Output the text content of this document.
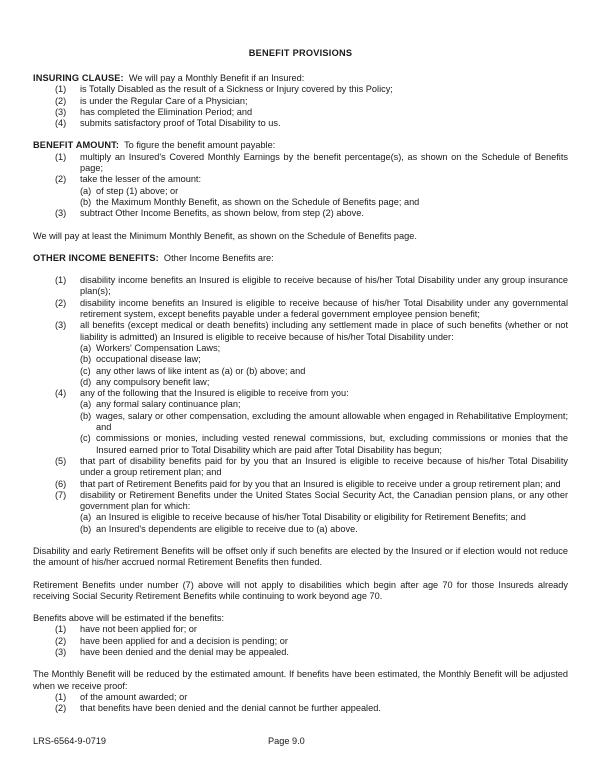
BENEFIT PROVISIONS

INSURING CLAUSE: We will pay a Monthly Benefit if an Insured:

(1)	is Totally Disabled as the result of a Sickness or Injury covered by this Policy;
(2)	is under the Regular Care of a Physician;
(3)	has completed the Elimination Period; and
(4)	submits satisfactory proof of Total Disability to us.

BENEFIT AMOUNT: To figure the benefit amount payable:

(1)	multiply an Insured's Covered Monthly Earnings by the benefit percentage(s), as shown on the Schedule of Benefits page;
(2)	take the lesser of the amount:
(a) of step (1) above; or
(b) the Maximum Monthly Benefit, as shown on the Schedule of Benefits page; and
(3)	subtract Other Income Benefits, as shown below, from step (2) above.

We will pay at least the Minimum Monthly Benefit, as shown on the Schedule of Benefits page.

OTHER INCOME BENEFITS: Other Income Benefits are:

(1)	disability income benefits an Insured is eligible to receive because of his/her Total Disability under any group insurance plan(s);
(2)	disability income benefits an Insured is eligible to receive because of his/her Total Disability under any governmental retirement system, except benefits payable under a federal government employee pension benefit;
(3)	all benefits (except medical or death benefits) including any settlement made in place of such benefits (whether or not liability is admitted) an Insured is eligible to receive because of his/her Total Disability under:
(a) Workers' Compensation Laws;
(b) occupational disease law;
(c) any other laws of like intent as (a) or (b) above; and
(d) any compulsory benefit law;
(4)	any of the following that the Insured is eligible to receive from you:
(a) any formal salary continuance plan;
(b) wages, salary or other compensation, excluding the amount allowable when engaged in Rehabilitative Employment; and
(c) commissions or monies, including vested renewal commissions, but, excluding commissions or monies that the Insured earned prior to Total Disability which are paid after Total Disability has begun;
(5)	that part of disability benefits paid for by you that an Insured is eligible to receive because of his/her Total Disability under a group retirement plan; and
(6)	that part of Retirement Benefits paid for by you that an Insured is eligible to receive under a group retirement plan; and
(7)	disability or Retirement Benefits under the United States Social Security Act, the Canadian pension plans, or any other government plan for which:
(a) an Insured is eligible to receive because of his/her Total Disability or eligibility for Retirement Benefits; and
(b) an Insured's dependents are eligible to receive due to (a) above.

Disability and early Retirement Benefits will be offset only if such benefits are elected by the Insured or if election would not reduce the amount of his/her accrued normal Retirement Benefits then funded.

Retirement Benefits under number (7) above will not apply to disabilities which begin after age 70 for those Insureds already receiving Social Security Retirement Benefits while continuing to work beyond age 70.

Benefits above will be estimated if the benefits:

(1)	have not been applied for; or
(2)	have been applied for and a decision is pending; or
(3)	have been denied and the denial may be appealed.

The Monthly Benefit will be reduced by the estimated amount. If benefits have been estimated, the Monthly Benefit will be adjusted when we receive proof:

(1)	of the amount awarded; or
(2)	that benefits have been denied and the denial cannot be further appealed.
LRS-6564-9-0719	Page 9.0
